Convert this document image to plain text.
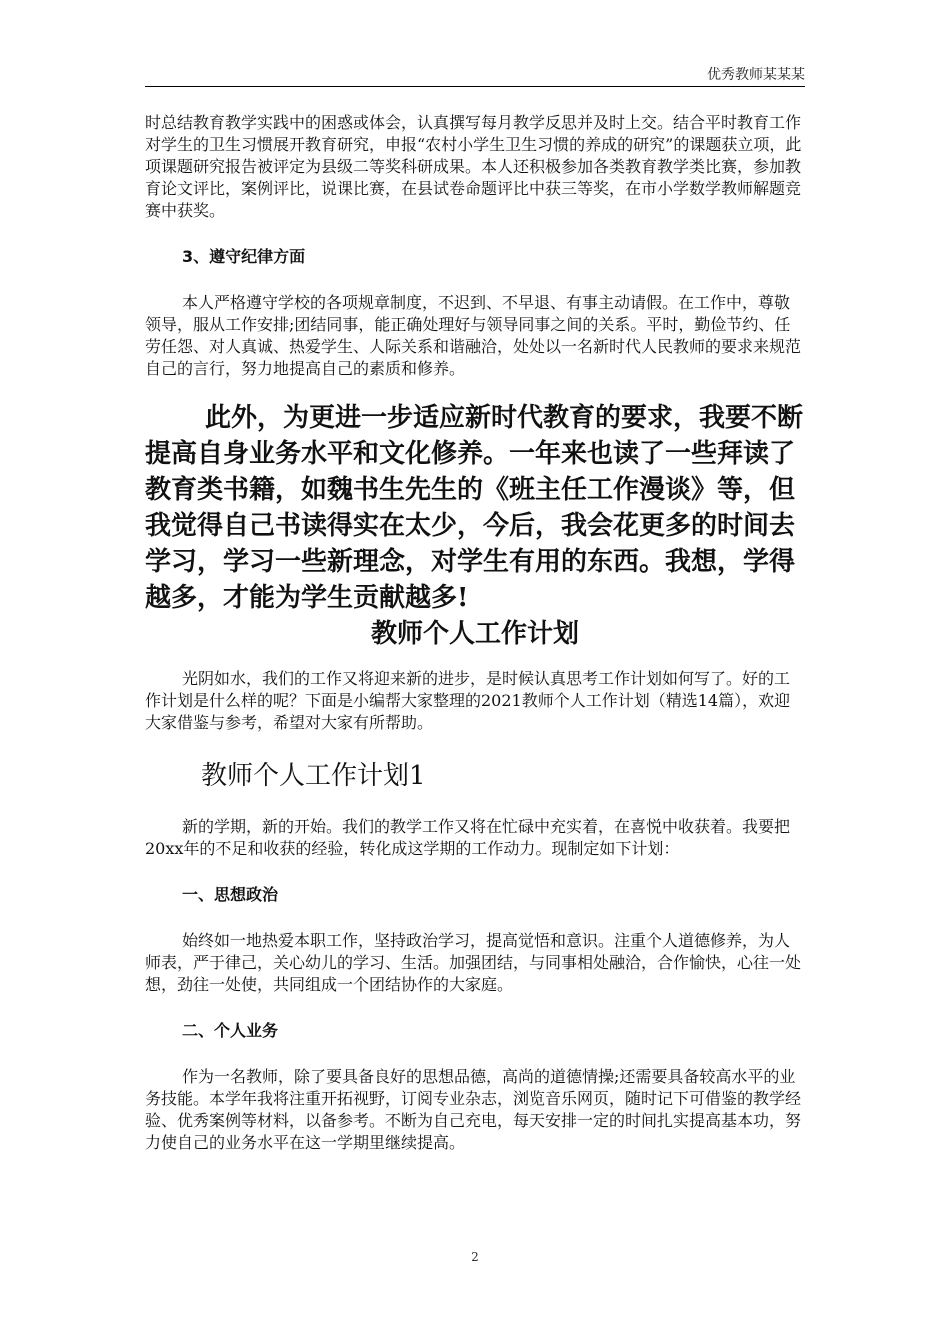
优秀教师某某某

时总结教育教学实践中的困惑或体会，认真撰写每月教学反思并及时上交。结合平时教育工作对学生的卫生习惯展开教育研究，申报“农村小学生卫生习惯的养成的研究”的课题获立项，此项课题研究报告被评定为县级二等奖科研成果。本人还积极参加各类教育教学类比赛，参加教育论文评比，案例评比，说课比赛，在县试卷命题评比中获三等奖，在市小学数学教师解题竞赛中获奖。

3、遵守纪律方面

本人严格遵守学校的各项规章制度，不迟到、不早退、有事主动请假。在工作中，尊敬领导，服从工作安排;团结同事，能正确处理好与领导同事之间的关系。平时，勤俭节约、任劳任怨、对人真诚、热爱学生、人际关系和谐融洽，处处以一名新时代人民教师的要求来规范自己的言行，努力地提高自己的素质和修养。

此外，为更进一步适应新时代教育的要求，我要不断提高自身业务水平和文化修养。一年来也读了一些拜读了教育类书籍，如魏书生先生的《班主任工作漫谈》等，但我觉得自己书读得实在太少，今后，我会花更多的时间去学习，学习一些新理念，对学生有用的东西。我想，学得越多，才能为学生贡献越多!

教师个人工作计划

光阴如水，我们的工作又将迎来新的进步，是时候认真思考工作计划如何写了。好的工作计划是什么样的呢？下面是小编帮大家整理的2021教师个人工作计划（精选14篇），欢迎大家借鉴与参考，希望对大家有所帮助。

教师个人工作计划1

新的学期，新的开始。我们的教学工作又将在忙碌中充实着，在喜悦中收获着。我要把20xx年的不足和收获的经验，转化成这学期的工作动力。现制定如下计划：

一、思想政治

始终如一地热爱本职工作，坚持政治学习，提高觉悟和意识。注重个人道德修养，为人师表，严于律己，关心幼儿的学习、生活。加强团结，与同事相处融洽，合作愉快，心往一处想，劲往一处使，共同组成一个团结协作的大家庭。

二、个人业务

作为一名教师，除了要具备良好的思想品德，高尚的道德情操;还需要具备较高水平的业务技能。本学年我将注重开拓视野，订阅专业杂志，浏览音乐网页，随时记下可借鉴的教学经验、优秀案例等材料，以备参考。不断为自己充电，每天安排一定的时间扎实提高基本功，努力使自己的业务水平在这一学期里继续提高。

2
